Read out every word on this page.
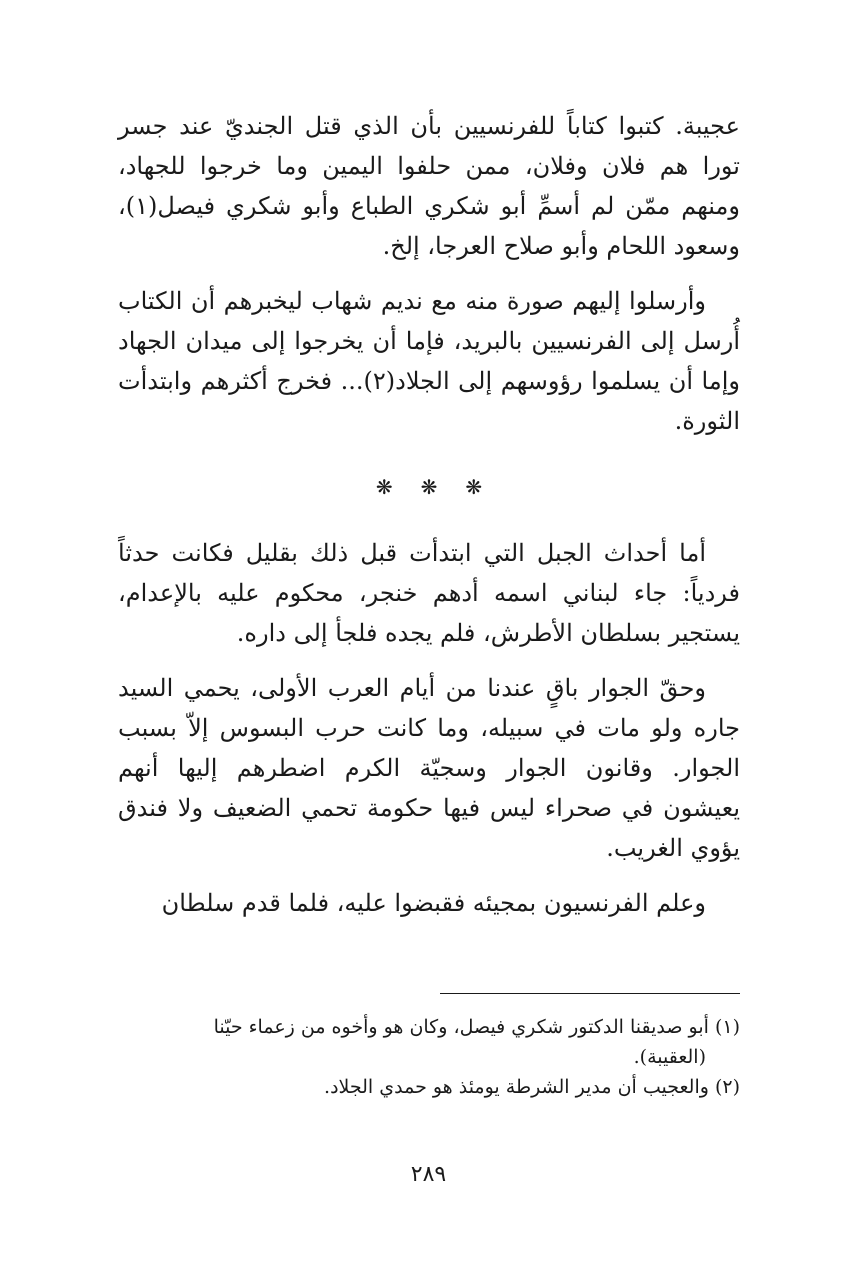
عجيبة. كتبوا كتاباً للفرنسيين بأن الذي قتل الجنديّ عند جسر تورا هم فلان وفلان، ممن حلفوا اليمين وما خرجوا للجهاد، ومنهم ممّن لم أسمِّ أبو شكري الطباع وأبو شكري فيصل(١)، وسعود اللحام وأبو صلاح العرجا، إلخ.

وأرسلوا إليهم صورة منه مع نديم شهاب ليخبرهم أن الكتاب أُرسل إلى الفرنسيين بالبريد، فإما أن يخرجوا إلى ميدان الجهاد وإما أن يسلموا رؤوسهم إلى الجلاد(٢)... فخرج أكثرهم وابتدأت الثورة.

❋ ❋ ❋

أما أحداث الجبل التي ابتدأت قبل ذلك بقليل فكانت حدثاً فردياً: جاء لبناني اسمه أدهم خنجر، محكوم عليه بالإعدام، يستجير بسلطان الأطرش، فلم يجده فلجأ إلى داره.

وحقّ الجوار باقٍ عندنا من أيام العرب الأولى، يحمي السيد جاره ولو مات في سبيله، وما كانت حرب البسوس إلاّ بسبب الجوار. وقانون الجوار وسجيّة الكرم اضطرهم إليها أنهم يعيشون في صحراء ليس فيها حكومة تحمي الضعيف ولا فندق يؤوي الغريب.

وعلم الفرنسيون بمجيئه فقبضوا عليه، فلما قدم سلطان

(١) أبو صديقنا الدكتور شكري فيصل، وكان هو وأخوه من زعماء حيّنا
(العقيبة).

(٢) والعجيب أن مدير الشرطة يومئذ هو حمدي الجلاد.

٢٨٩
